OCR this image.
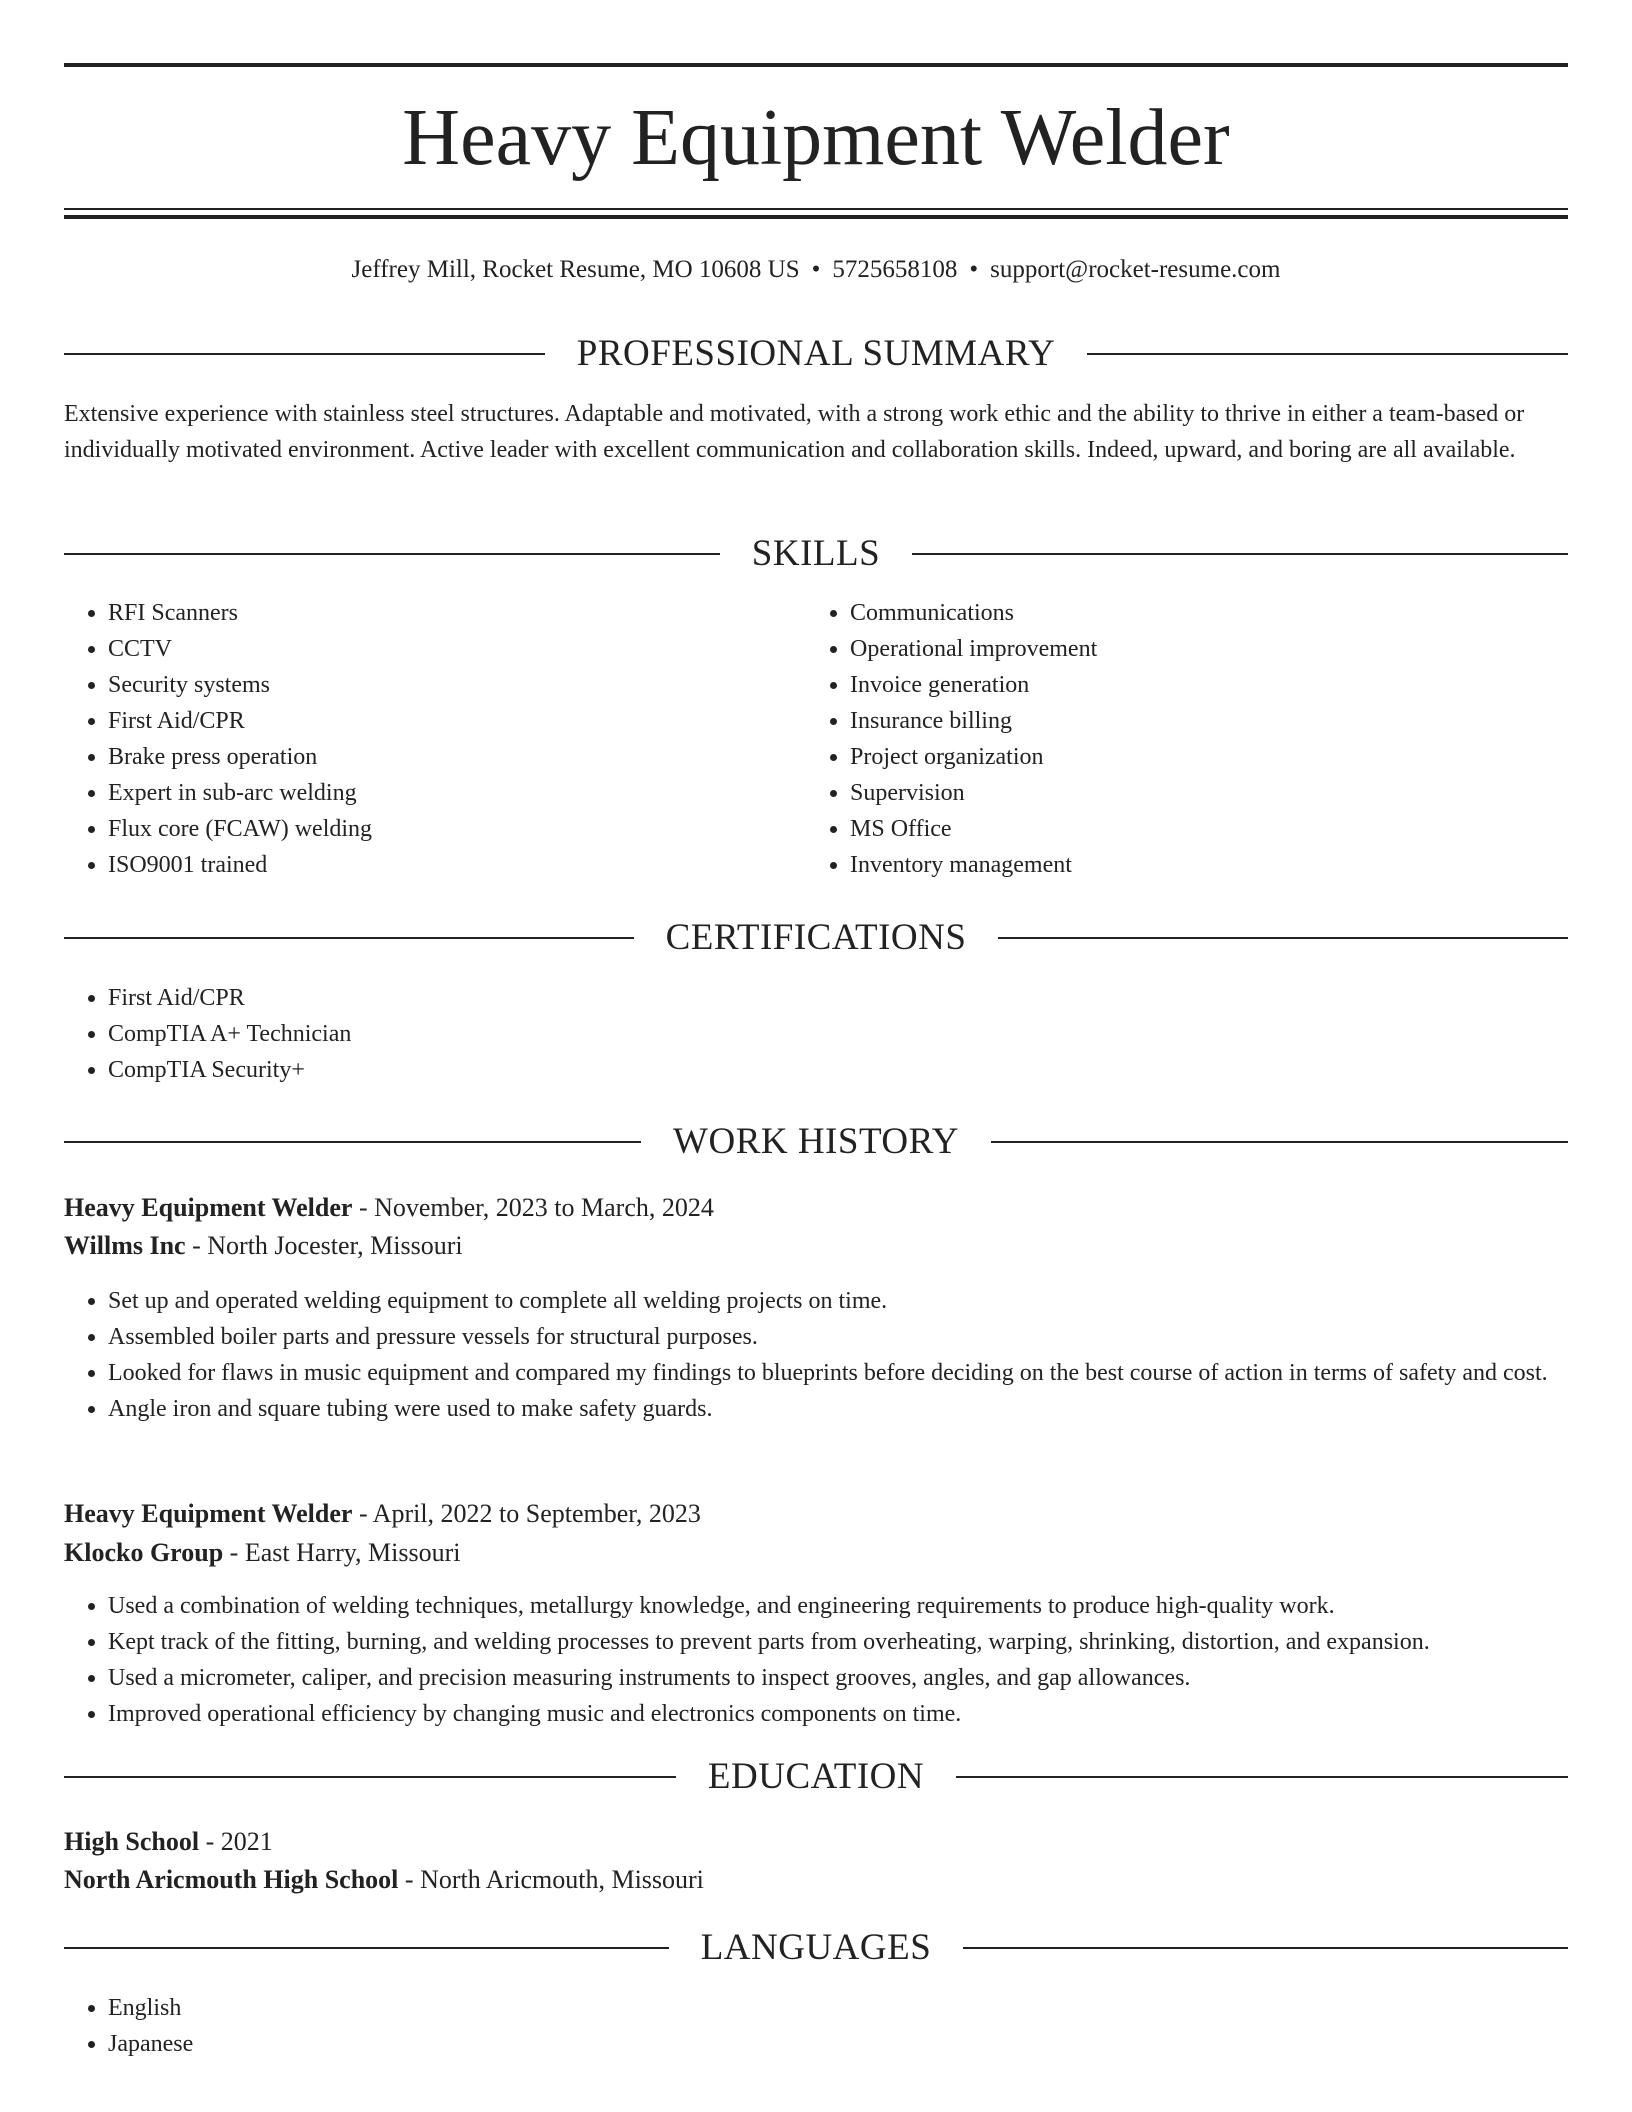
Heavy Equipment Welder
Jeffrey Mill, Rocket Resume, MO 10608 US • 5725658108 • support@rocket-resume.com
PROFESSIONAL SUMMARY

Extensive experience with stainless steel structures. Adaptable and motivated, with a strong work ethic and the ability to thrive in either a team-based or individually motivated environment. Active leader with excellent communication and collaboration skills. Indeed, upward, and boring are all available.

SKILLS
• RFI Scanners
• CCTV
• Security systems
• First Aid/CPR
• Brake press operation
• Expert in sub-arc welding
• Flux core (FCAW) welding
• ISO9001 trained
• Communications
• Operational improvement
• Invoice generation
• Insurance billing
• Project organization
• Supervision
• MS Office
• Inventory management
CERTIFICATIONS
• First Aid/CPR
• CompTIA A+ Technician
• CompTIA Security+
WORK HISTORY
Heavy Equipment Welder - November, 2023 to March, 2024
Willms Inc - North Jocester, Missouri
• Set up and operated welding equipment to complete all welding projects on time.
• Assembled boiler parts and pressure vessels for structural purposes.
• Looked for flaws in music equipment and compared my findings to blueprints before deciding on the best course of action in terms of safety and cost.
• Angle iron and square tubing were used to make safety guards.
Heavy Equipment Welder - April, 2022 to September, 2023
Klocko Group - East Harry, Missouri
• Used a combination of welding techniques, metallurgy knowledge, and engineering requirements to produce high-quality work.
• Kept track of the fitting, burning, and welding processes to prevent parts from overheating, warping, shrinking, distortion, and expansion.
• Used a micrometer, caliper, and precision measuring instruments to inspect grooves, angles, and gap allowances.
• Improved operational efficiency by changing music and electronics components on time.
EDUCATION
High School - 2021
North Aricmouth High School - North Aricmouth, Missouri
LANGUAGES
• English
• Japanese
